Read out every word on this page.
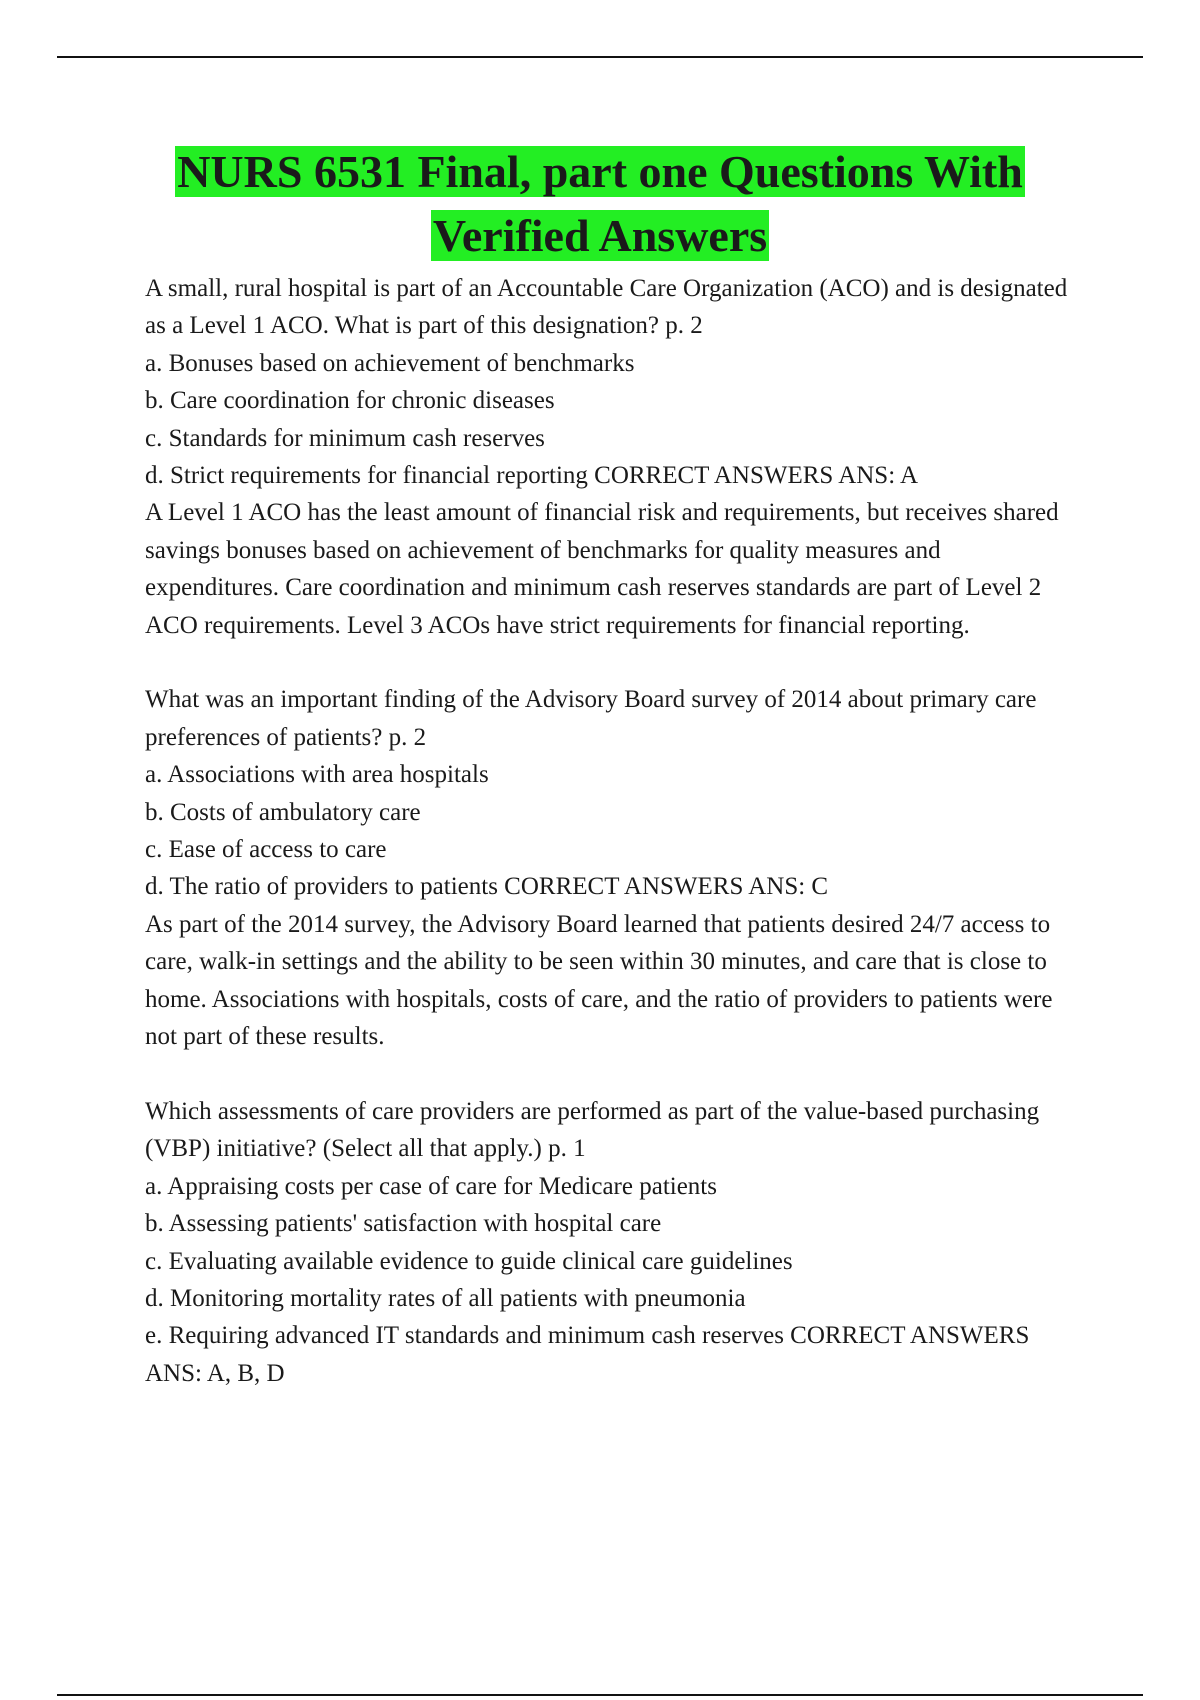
NURS 6531 Final, part one Questions With
Verified Answers

A small, rural hospital is part of an Accountable Care Organization (ACO) and is designated as a Level 1 ACO. What is part of this designation? p. 2

a. Bonuses based on achievement of benchmarks

b. Care coordination for chronic diseases

c. Standards for minimum cash reserves

d. Strict requirements for financial reporting CORRECT ANSWERS ANS: A

A Level 1 ACO has the least amount of financial risk and requirements, but receives shared savings bonuses based on achievement of benchmarks for quality measures and expenditures. Care coordination and minimum cash reserves standards are part of Level 2 ACO requirements. Level 3 ACOs have strict requirements for financial reporting.

What was an important finding of the Advisory Board survey of 2014 about primary care preferences of patients? p. 2

a. Associations with area hospitals

b. Costs of ambulatory care

c. Ease of access to care

d. The ratio of providers to patients CORRECT ANSWERS ANS: C

As part of the 2014 survey, the Advisory Board learned that patients desired 24/7 access to care, walk-in settings and the ability to be seen within 30 minutes, and care that is close to home. Associations with hospitals, costs of care, and the ratio of providers to patients were not part of these results.

Which assessments of care providers are performed as part of the value-based purchasing (VBP) initiative? (Select all that apply.) p. 1

a. Appraising costs per case of care for Medicare patients

b. Assessing patients' satisfaction with hospital care

c. Evaluating available evidence to guide clinical care guidelines

d. Monitoring mortality rates of all patients with pneumonia

e. Requiring advanced IT standards and minimum cash reserves CORRECT ANSWERS ANS: A, B, D
